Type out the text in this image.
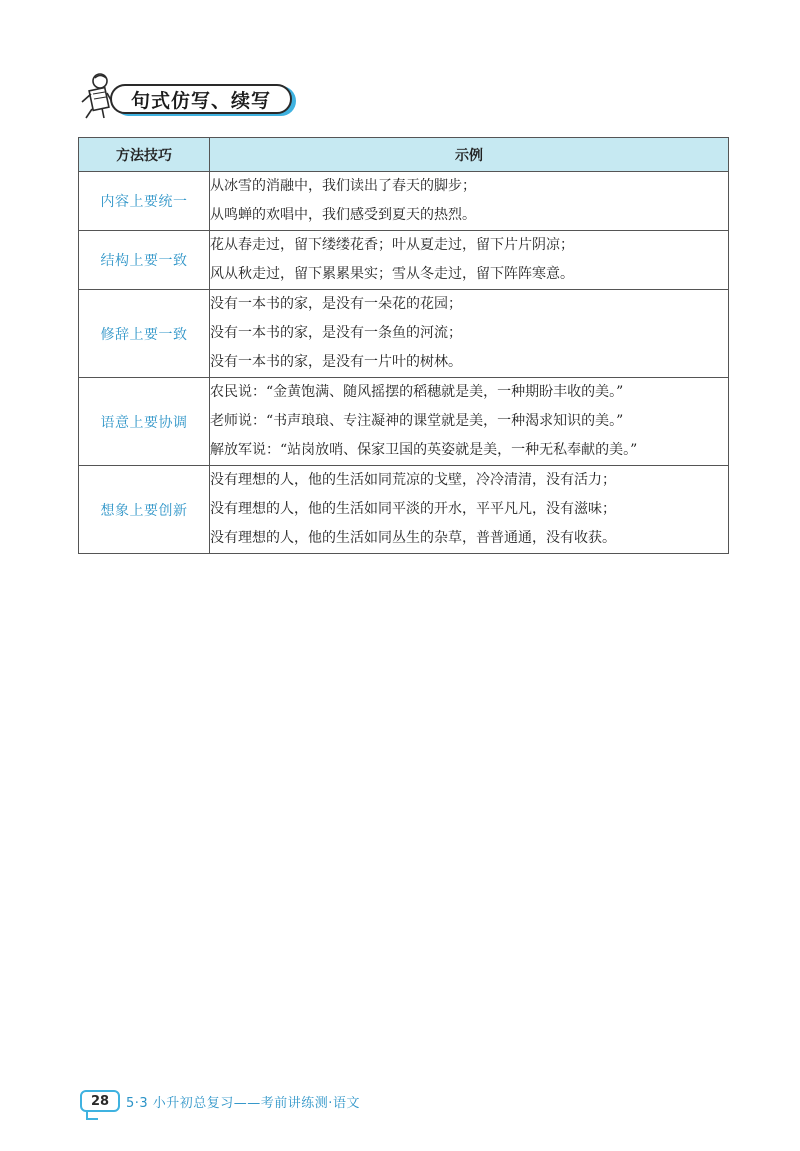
句式仿写、续写
方法技巧	示例
内容上要统一	从冰雪的消融中，我们读出了春天的脚步；
从鸣蝉的欢唱中，我们感受到夏天的热烈。

结构上要一致	花从春走过，留下缕缕花香；叶从夏走过，留下片片阴凉；
风从秋走过，留下累累果实；雪从冬走过，留下阵阵寒意。

修辞上要一致	没有一本书的家，是没有一朵花的花园；
没有一本书的家，是没有一条鱼的河流；
没有一本书的家，是没有一片叶的树林。

语意上要协调	农民说：“金黄饱满、随风摇摆的稻穗就是美，一种期盼丰收的美。”
老师说：“书声琅琅、专注凝神的课堂就是美，一种渴求知识的美。”
解放军说：“站岗放哨、保家卫国的英姿就是美，一种无私奉献的美。”

想象上要创新	没有理想的人，他的生活如同荒凉的戈壁，冷冷清清，没有活力；
没有理想的人，他的生活如同平淡的开水，平平凡凡，没有滋味；
没有理想的人，他的生活如同丛生的杂草，普普通通，没有收获。
28	5·3 小升初总复习——考前讲练测·语文
